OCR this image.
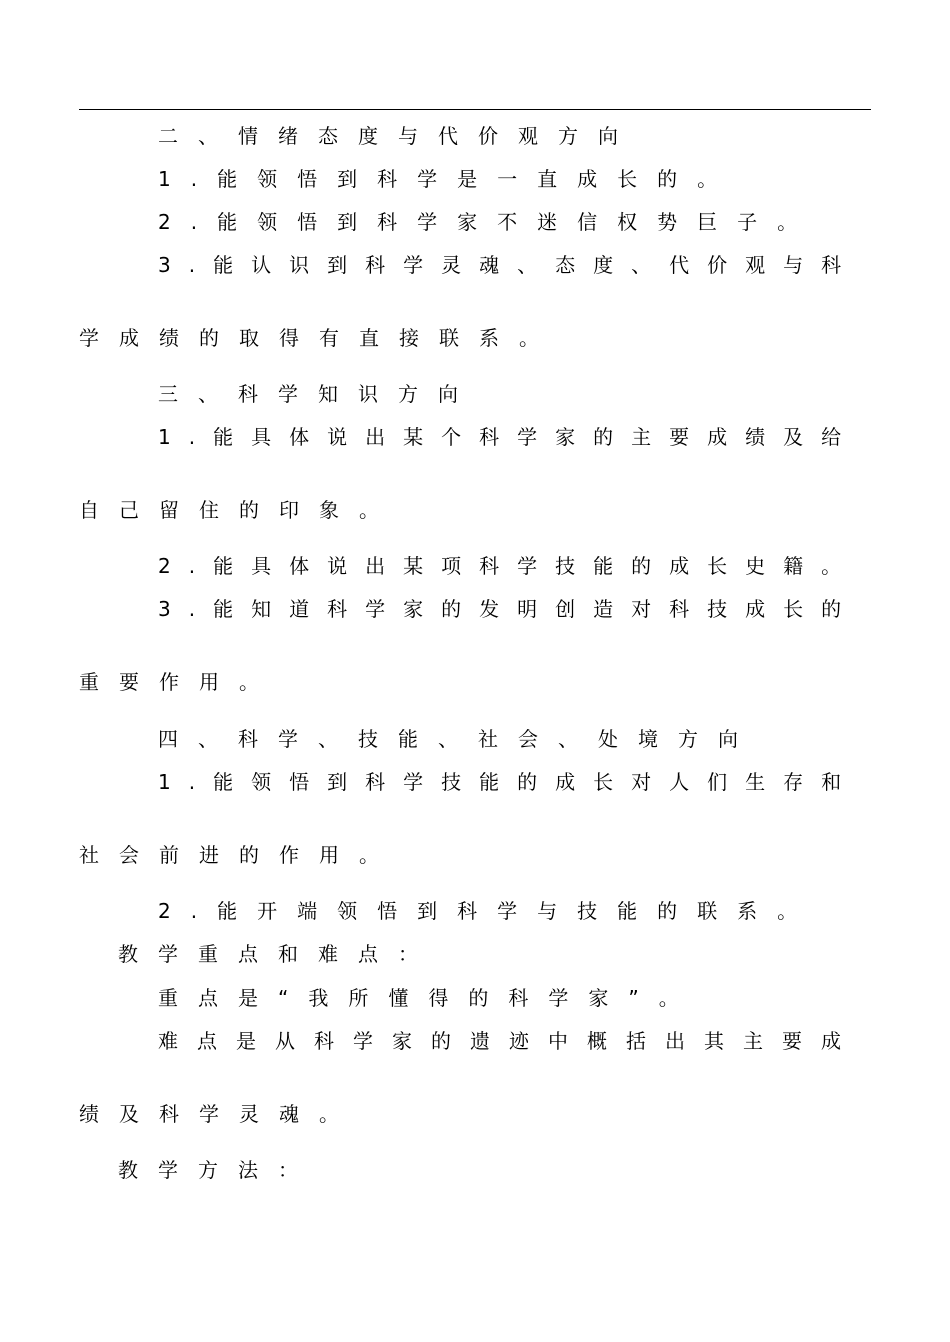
二、情绪态度与代价观方向
1.能领悟到科学是一直成长的。
2.能领悟到科学家不迷信权势巨子。
3.能认识到科学灵魂、态度、代价观与科
学成绩的取得有直接联系。
三、科学知识方向
1.能具体说出某个科学家的主要成绩及给
自己留住的印象。
2.能具体说出某项科学技能的成长史籍。
3.能知道科学家的发明创造对科技成长的
重要作用。
四、科学、技能、社会、处境方向
1.能领悟到科学技能的成长对人们生存和
社会前进的作用。
2.能开端领悟到科学与技能的联系。
教学重点和难点：
重点是“我所懂得的科学家”。
难点是从科学家的遗迹中概括出其主要成
绩及科学灵魂。
教学方法：
